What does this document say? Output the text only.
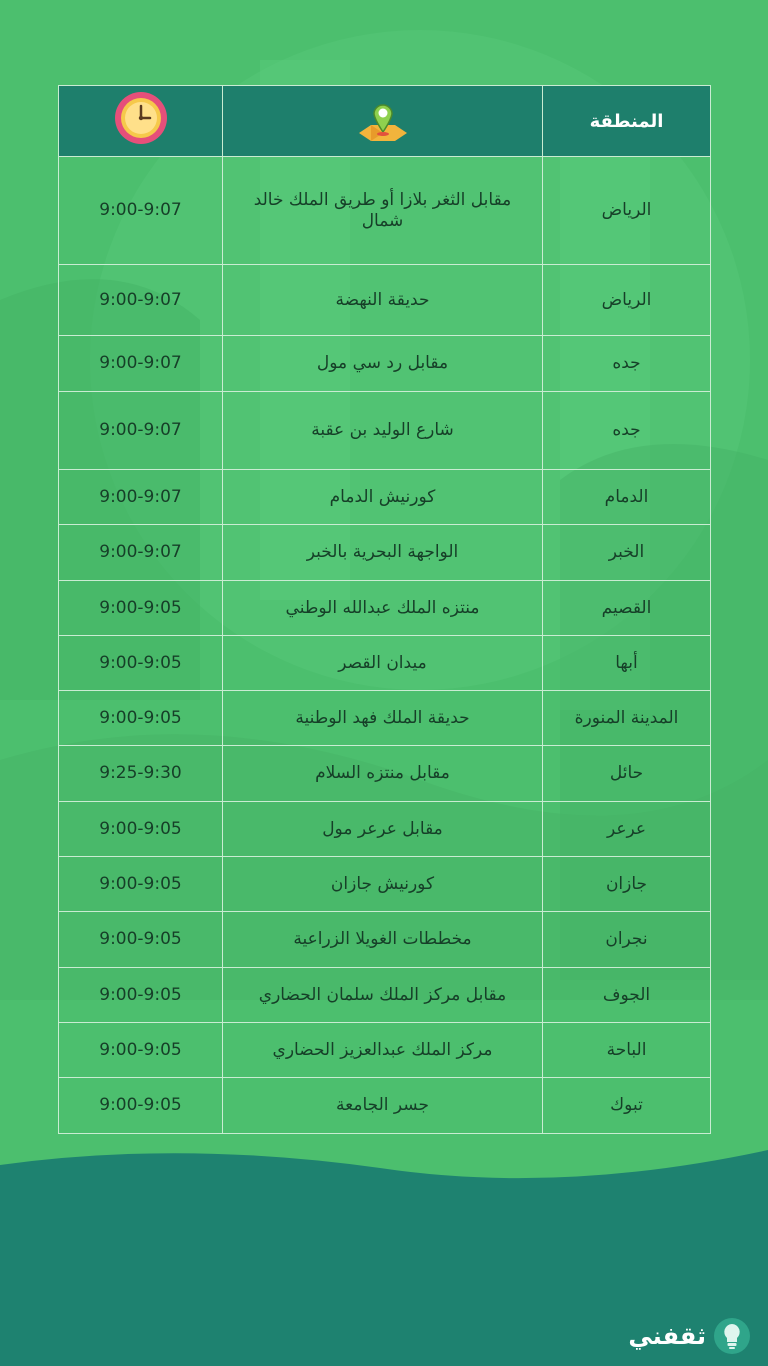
المنطقة		
الرياض	مقابل الثغر بلازا أو طريق الملك خالد شمال	9:00-9:07
الرياض	حديقة النهضة	9:00-9:07
جده	مقابل رد سي مول	9:00-9:07
جده	شارع الوليد بن عقبة	9:00-9:07
الدمام	كورنيش الدمام	9:00-9:07
الخبر	الواجهة البحرية بالخبر	9:00-9:07
القصيم	منتزه الملك عبدالله الوطني	9:00-9:05
أبها	ميدان القصر	9:00-9:05
المدينة المنورة	حديقة الملك فهد الوطنية	9:00-9:05
حائل	مقابل منتزه السلام	9:25-9:30
عرعر	مقابل عرعر مول	9:00-9:05
جازان	كورنيش جازان	9:00-9:05
نجران	مخططات الغويلا الزراعية	9:00-9:05
الجوف	مقابل مركز الملك سلمان الحضاري	9:00-9:05
الباحة	مركز الملك عبدالعزيز الحضاري	9:00-9:05
تبوك	جسر الجامعة	9:00-9:05
ثقفني
